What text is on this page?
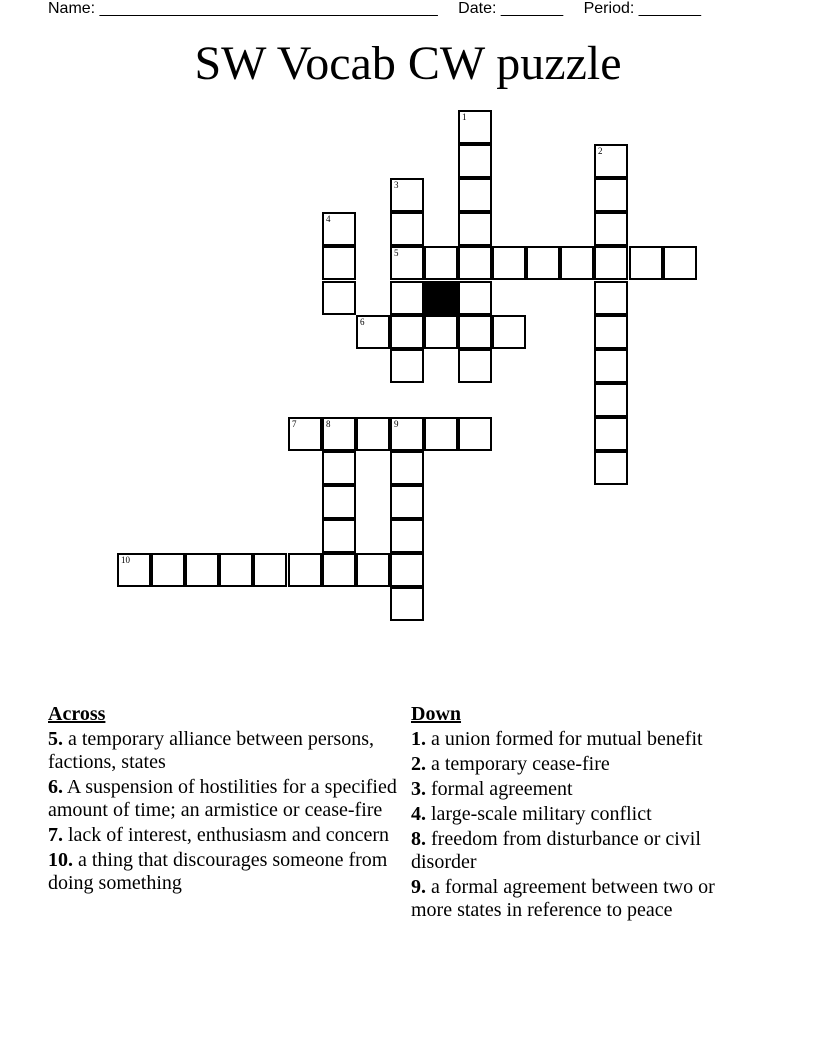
Name: ______________________________________ Date: _______ Period: _______
SW Vocab CW puzzle
1
2
3
5
4
6
7	8	9
10
Across
5. a temporary alliance between persons, factions, states
6. A suspension of hostilities for a specified amount of time; an armistice or cease-fire
7. lack of interest, enthusiasm and concern
10. a thing that discourages someone from doing something
Down
1. a union formed for mutual benefit
2. a temporary cease-fire
3. formal agreement
4. large-scale military conflict
8. freedom from disturbance or civil disorder
9. a formal agreement between two or more states in reference to peace
